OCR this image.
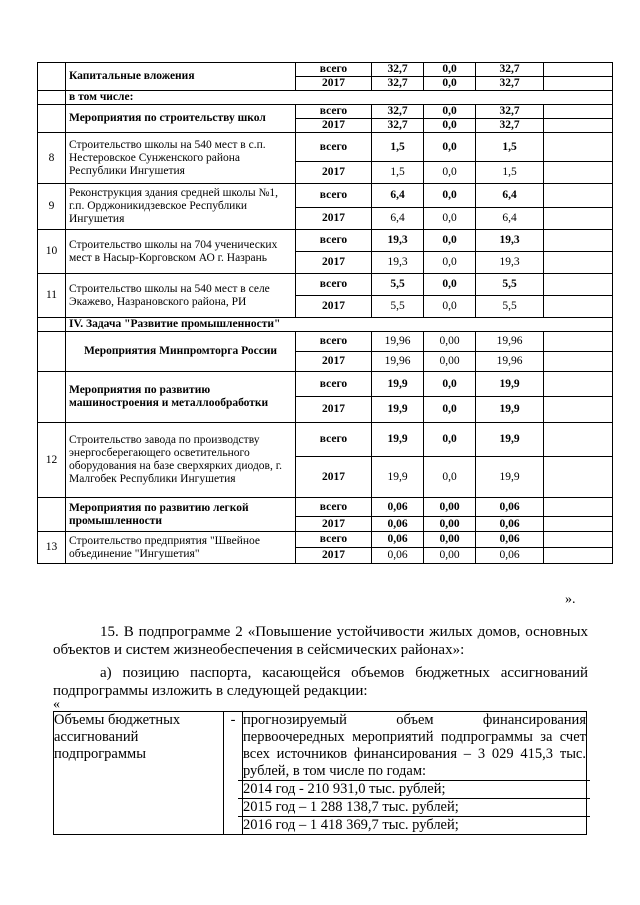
	Капитальные вложения	всего	32,7	0,0	32,7	
		2017	32,7	0,0	32,7	
	в том числе:					
	Мероприятия по строительству школ	всего	32,7	0,0	32,7	
		2017	32,7	0,0	32,7	
8	Строительство школы на 540 мест в с.п. Нестеровское Сунженского района Республики Ингушетия	всего	1,5	0,0	1,5	
		2017	1,5	0,0	1,5	
9	Реконструкция здания средней школы №1, г.п. Орджоникидзевское Республики Ингушетия	всего	6,4	0,0	6,4	
		2017	6,4	0,0	6,4	
10	Строительство школы на 704 ученических мест в Насыр-Корговском АО г. Назрань	всего	19,3	0,0	19,3	
		2017	19,3	0,0	19,3	
11	Строительство школы на 540 мест в селе Экажево, Назрановского района, РИ	всего	5,5	0,0	5,5	
		2017	5,5	0,0	5,5	
	IV. Задача "Развитие промышленности"					
	Мероприятия Минпромторга России	всего	19,96	0,00	19,96	
		2017	19,96	0,00	19,96	
	Мероприятия по развитию машиностроения и металлообработки	всего	19,9	0,0	19,9	
		2017	19,9	0,0	19,9	
12	Строительство завода по производству энергосберегающего осветительного оборудования на базе сверхярких диодов, г. Малгобек Республики Ингушетия	всего	19,9	0,0	19,9	
		2017	19,9	0,0	19,9	
	Мероприятия по развитию легкой промышленности	всего	0,06	0,00	0,06	
		2017	0,06	0,00	0,06	
13	Строительство предприятия "Швейное объединение "Ингушетия"	всего	0,06	0,00	0,06	
		2017	0,06	0,00	0,06	
».
15. В подпрограмме 2 «Повышение устойчивости жилых домов, основных объектов и систем жизнеобеспечения в сейсмических районах»:
а) позицию паспорта, касающейся объемов бюджетных ассигнований подпрограммы изложить в следующей редакции:
«
Объемы бюджетных ассигнований подпрограммы	-	прогнозируемый объем финансирования первоочередных мероприятий подпрограммы за счет всех источников финансирования – 3 029 415,3 тыс. рублей, в том числе по годам:
2014 год - 210 931,0 тыс. рублей;
2015 год – 1 288 138,7 тыс. рублей;
2016 год – 1 418 369,7 тыс. рублей;
